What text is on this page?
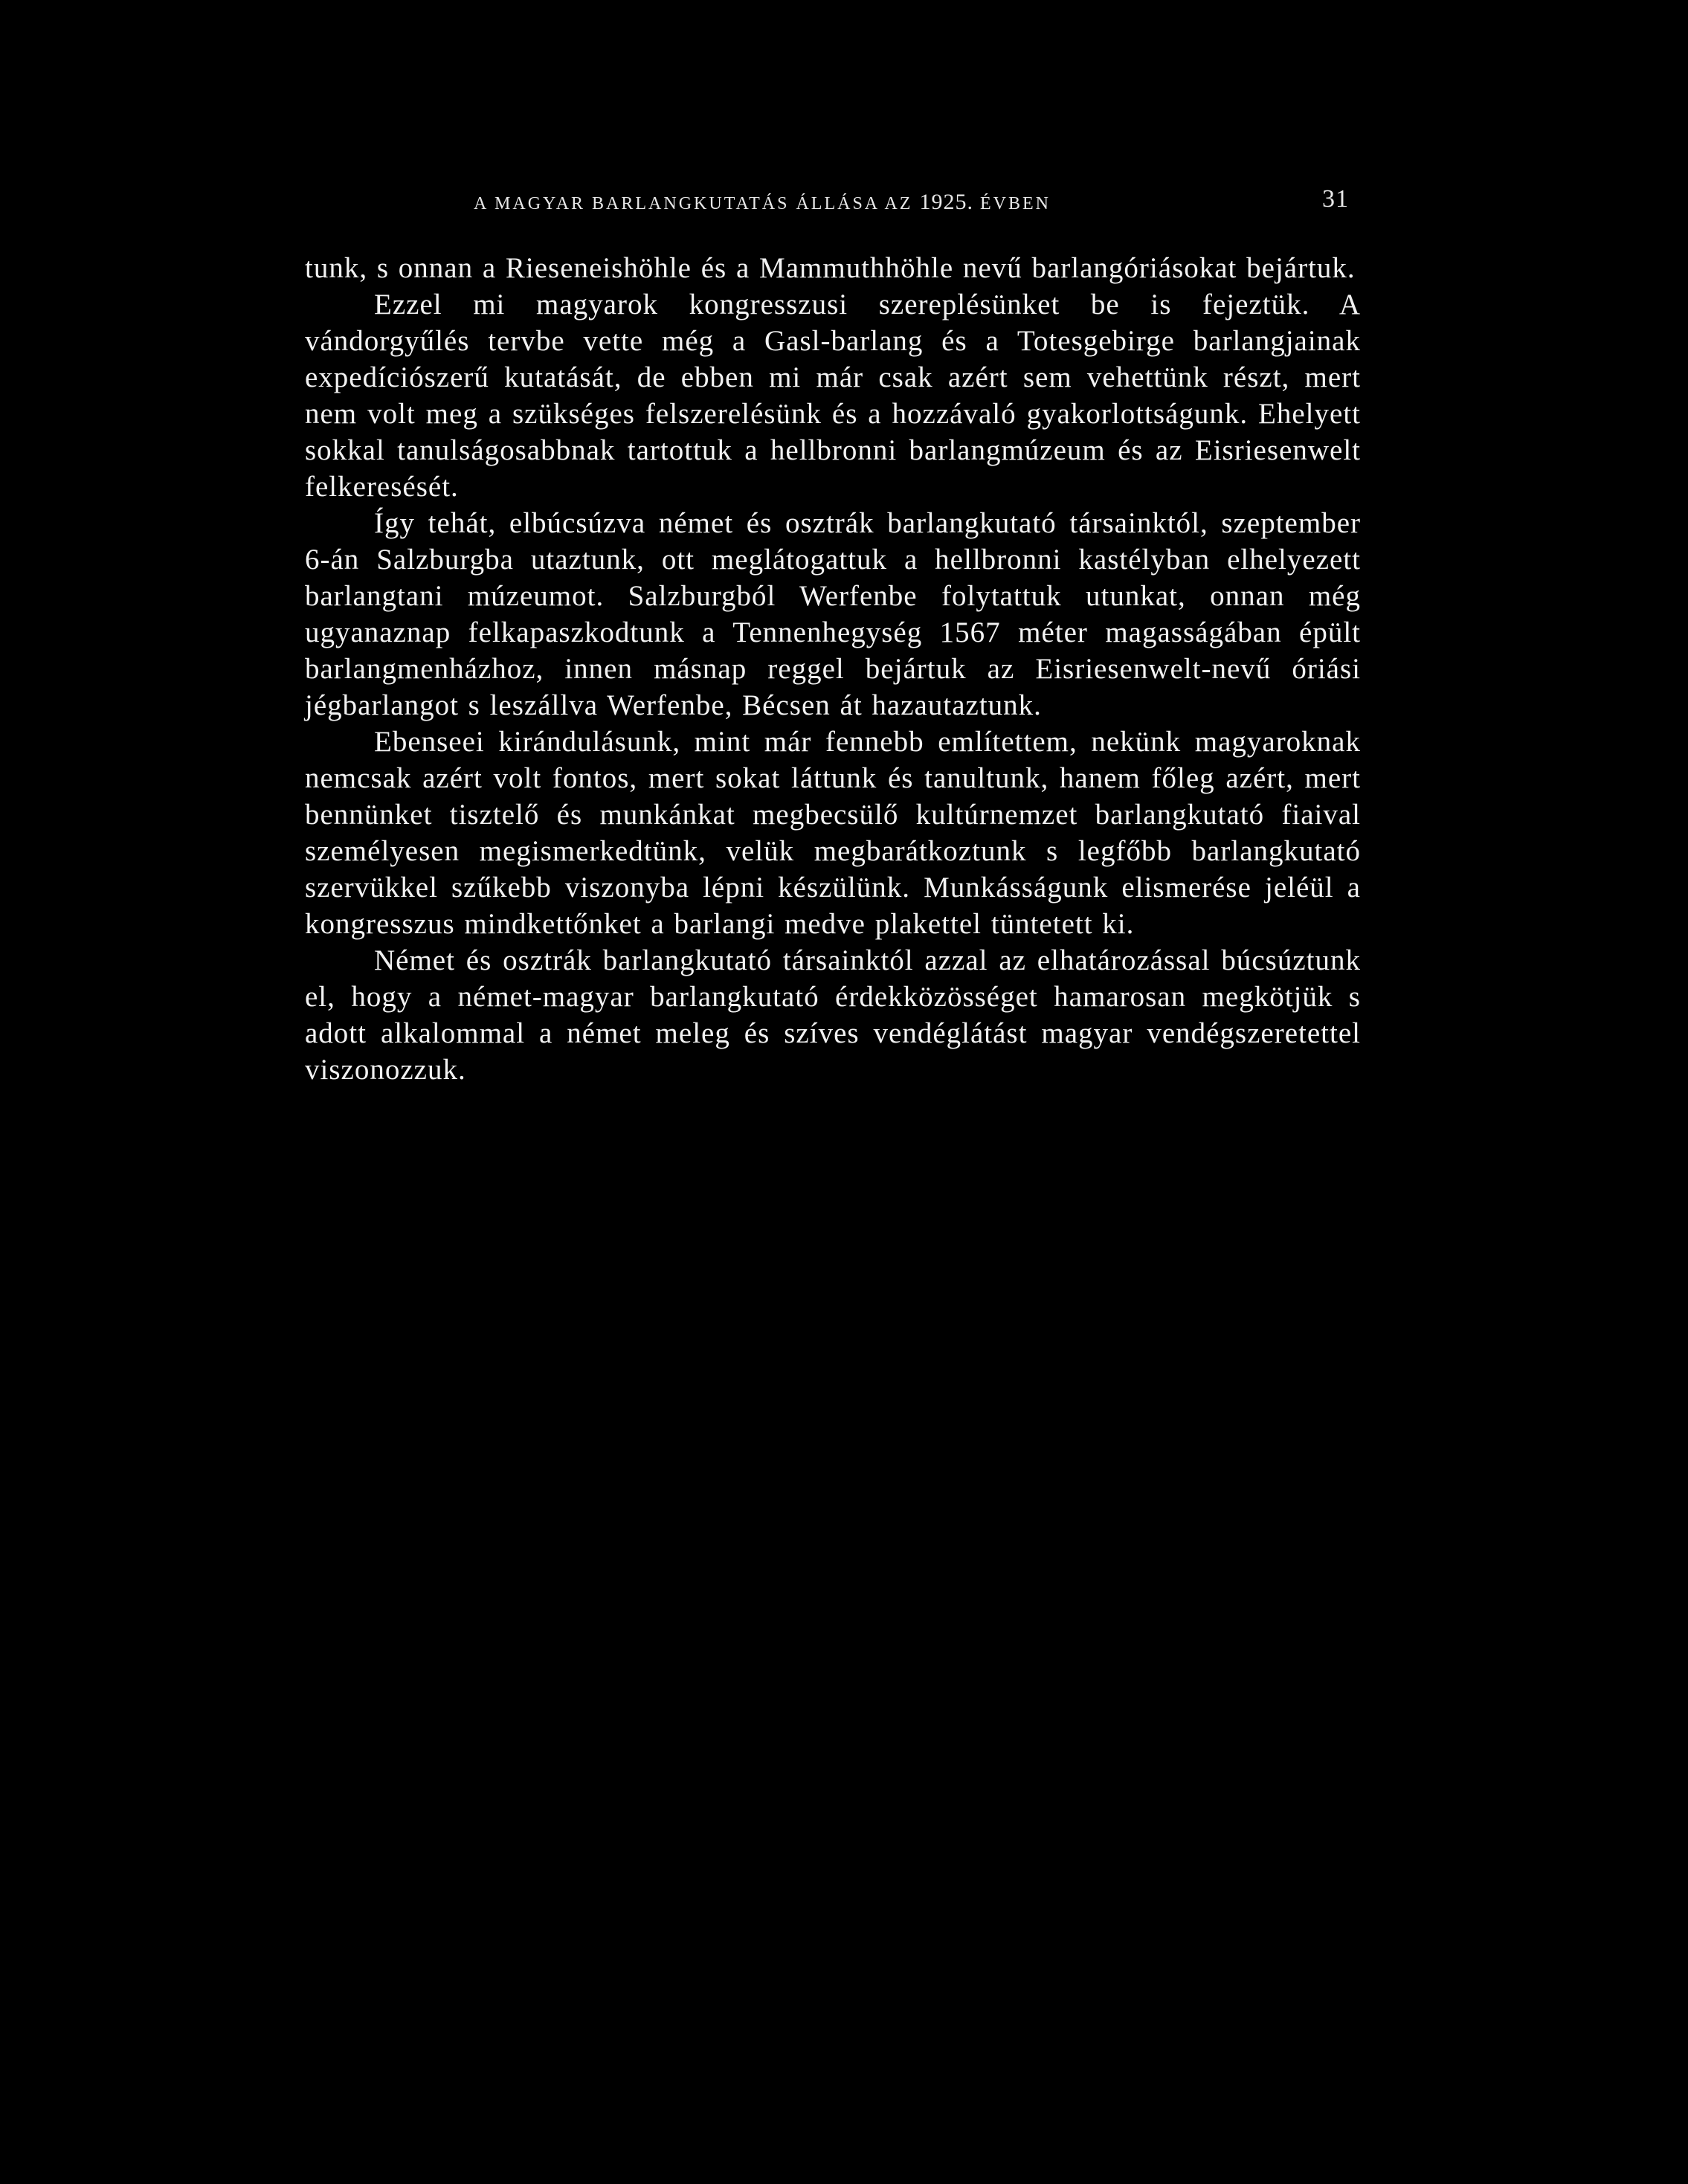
A MAGYAR BARLANGKUTATÁS ÁLLÁSA AZ 1925. ÉVBEN	31

tunk, s onnan a Rieseneishöhle és a Mammuthhöhle nevű barlangóriásokat bejártuk.

Ezzel mi magyarok kongresszusi szereplésünket be is fejeztük. A vándorgyűlés tervbe vette még a Gasl-barlang és a Totesgebirge barlangjainak expedíciószerű kutatását, de ebben mi már csak azért sem vehettünk részt, mert nem volt meg a szükséges felszerelésünk és a hozzávaló gyakorlottságunk. Ehelyett sokkal tanulságosabbnak tartottuk a hellbronni barlangmúzeum és az Eisriesenwelt felkeresését.

Így tehát, elbúcsúzva német és osztrák barlangkutató társainktól, szeptember 6-án Salzburgba utaztunk, ott meglátogattuk a hellbronni kastélyban elhelyezett barlangtani múzeumot. Salzburgból Werfenbe folytattuk utunkat, onnan még ugyanaznap felkapaszkodtunk a Tennenhegység 1567 méter magasságában épült barlangmenházhoz, innen másnap reggel bejártuk az Eisriesenwelt-nevű óriási jégbarlangot s leszállva Werfenbe, Bécsen át hazautaztunk.

Ebenseei kirándulásunk, mint már fennebb említettem, nekünk magyaroknak nemcsak azért volt fontos, mert sokat láttunk és tanultunk, hanem főleg azért, mert bennünket tisztelő és munkánkat megbecsülő kultúrnemzet barlangkutató fiaival személyesen megismerkedtünk, velük megbarátkoztunk s legfőbb barlangkutató szervükkel szűkebb viszonyba lépni készülünk. Munkásságunk elismerése jeléül a kongresszus mindkettőnket a barlangi medve plakettel tüntetett ki.

Német és osztrák barlangkutató társainktól azzal az elhatározással búcsúztunk el, hogy a német-magyar barlangkutató érdekközösséget hamarosan megkötjük s adott alkalommal a német meleg és szíves vendéglátást magyar vendégszeretettel viszonozzuk.
